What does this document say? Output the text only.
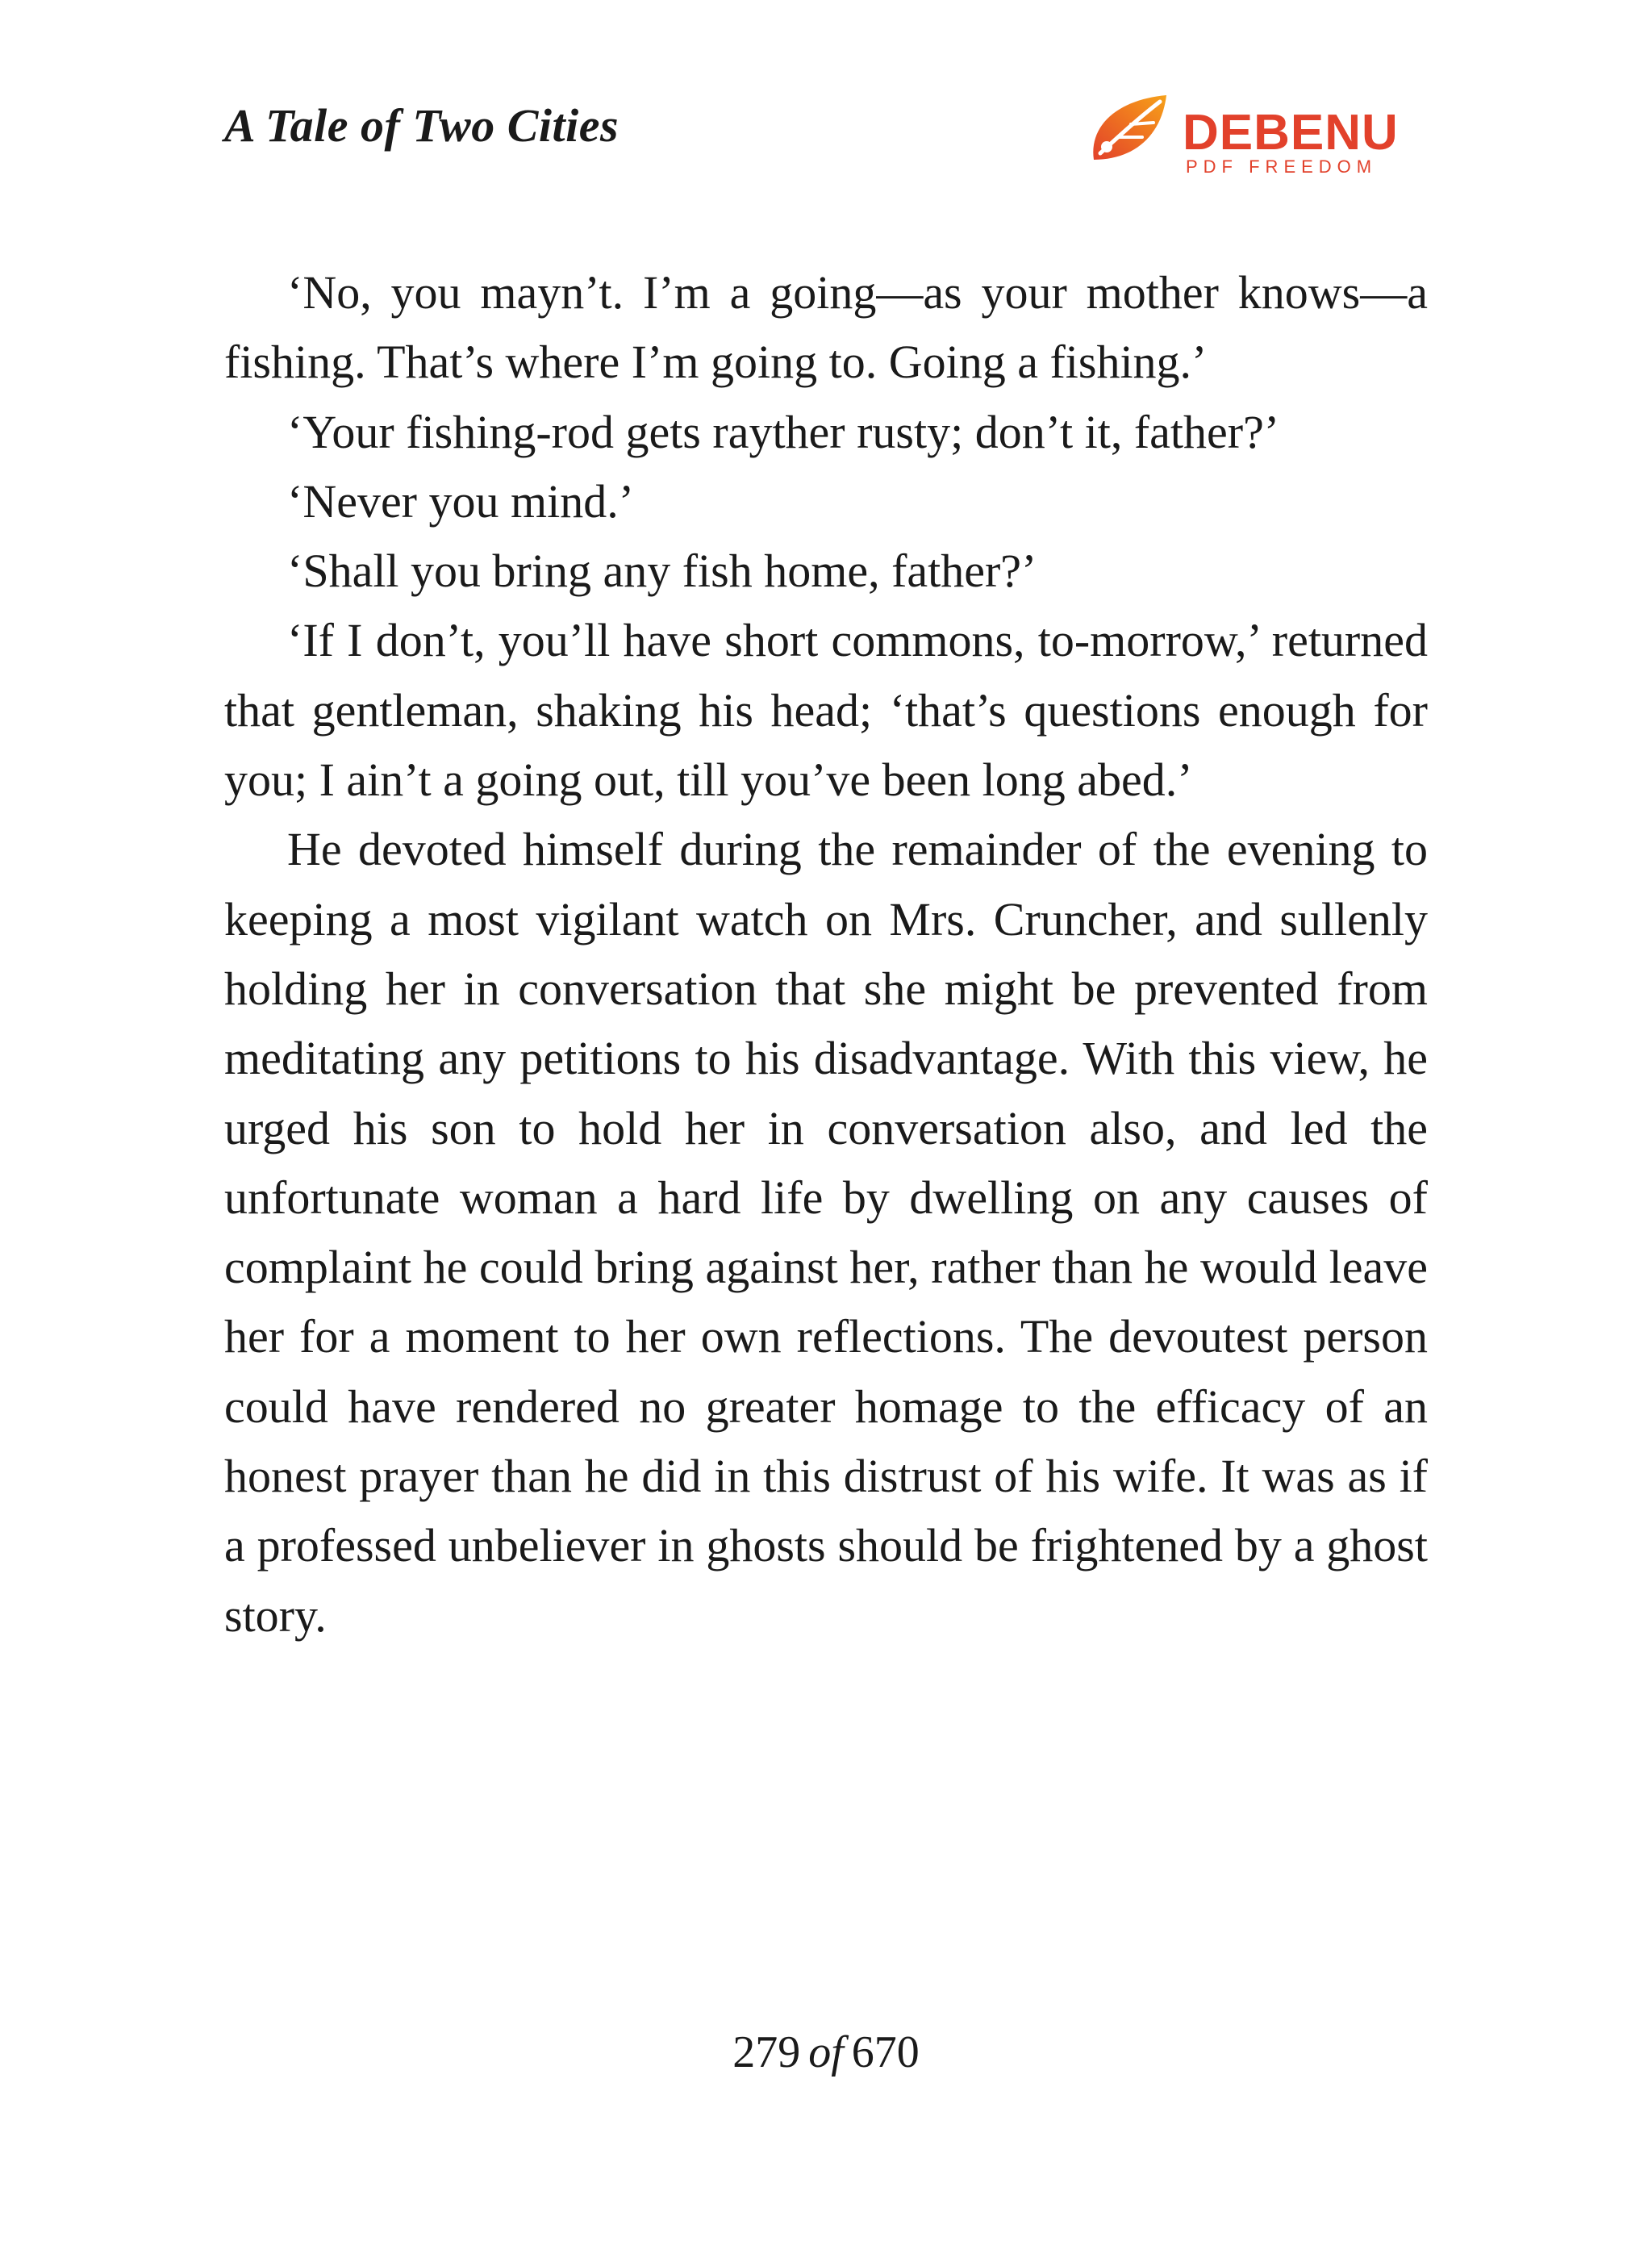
A Tale of Two Cities	DEBENU
PDF FREEDOM

‘No, you mayn’t. I’m a going—as your mother knows—a fishing. That’s where I’m going to. Going a fishing.’

‘Your fishing-rod gets rayther rusty; don’t it, father?’

‘Never you mind.’

‘Shall you bring any fish home, father?’

‘If I don’t, you’ll have short commons, to-morrow,’ returned that gentleman, shaking his head; ‘that’s questions enough for you; I ain’t a going out, till you’ve been long abed.’

He devoted himself during the remainder of the evening to keeping a most vigilant watch on Mrs. Cruncher, and sullenly holding her in conversation that she might be prevented from meditating any petitions to his disadvantage. With this view, he urged his son to hold her in conversation also, and led the unfortunate woman a hard life by dwelling on any causes of complaint he could bring against her, rather than he would leave her for a moment to her own reflections. The devoutest person could have rendered no greater homage to the efficacy of an honest prayer than he did in this distrust of his wife. It was as if a professed unbeliever in ghosts should be frightened by a ghost story.

279 of 670
